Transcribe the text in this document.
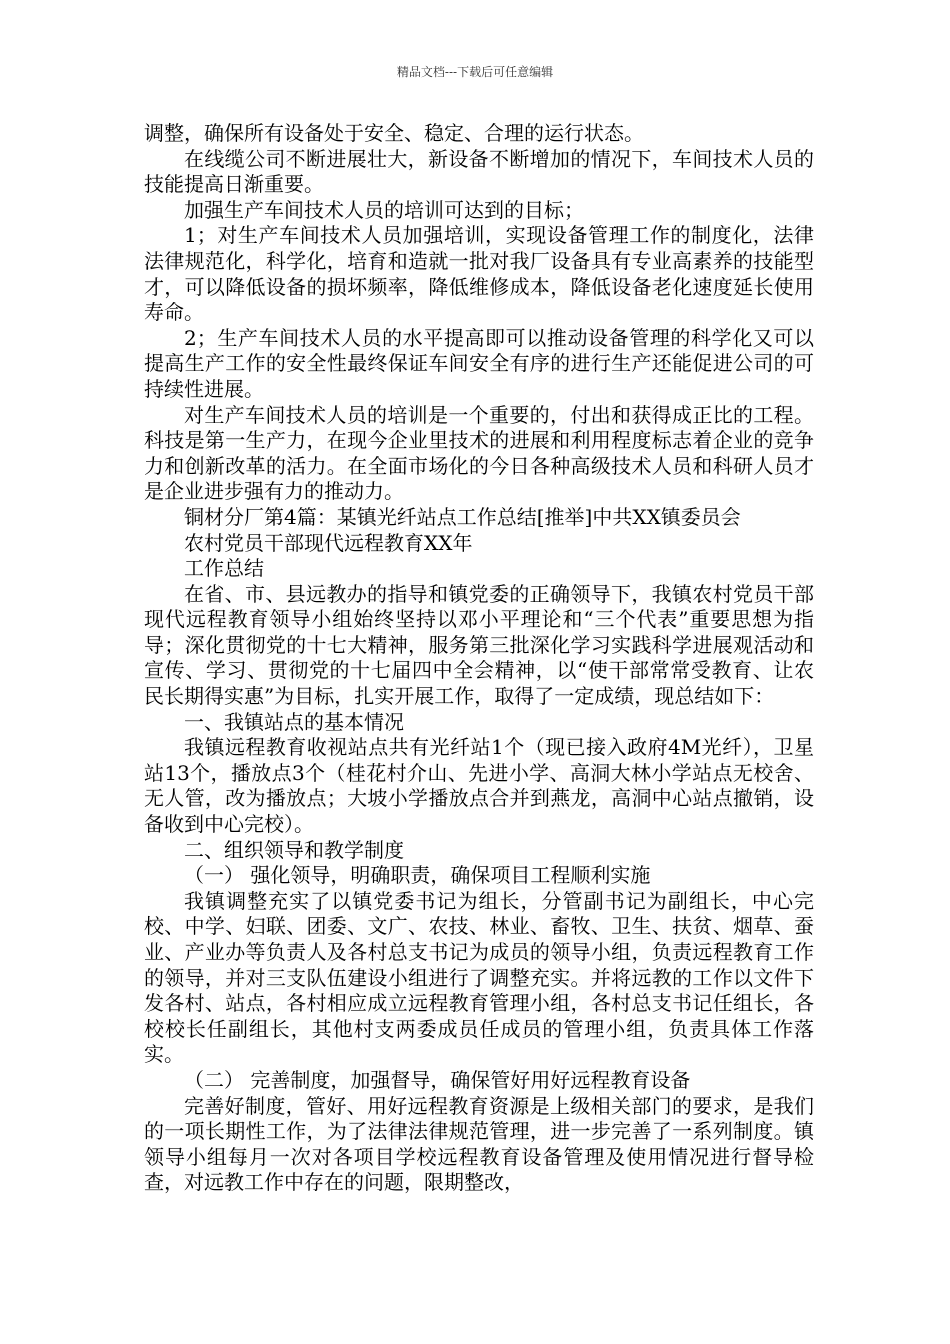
精品文档---下载后可任意编辑

调整，确保所有设备处于安全、稳定、合理的运行状态。

在线缆公司不断进展壮大，新设备不断增加的情况下，车间技术人员的技能提高日渐重要。

加强生产车间技术人员的培训可达到的目标；

1；对生产车间技术人员加强培训，实现设备管理工作的制度化，法律法律规范化，科学化，培育和造就一批对我厂设备具有专业高素养的技能型才，可以降低设备的损坏频率，降低维修成本，降低设备老化速度延长使用寿命。

2；生产车间技术人员的水平提高即可以推动设备管理的科学化又可以提高生产工作的安全性最终保证车间安全有序的进行生产还能促进公司的可持续性进展。

对生产车间技术人员的培训是一个重要的，付出和获得成正比的工程。科技是第一生产力，在现今企业里技术的进展和利用程度标志着企业的竞争力和创新改革的活力。在全面市场化的今日各种高级技术人员和科研人员才是企业进步强有力的推动力。

铜材分厂第4篇：某镇光纤站点工作总结[推举]中共XX镇委员会

农村党员干部现代远程教育XX年

工作总结

在省、市、县远教办的指导和镇党委的正确领导下，我镇农村党员干部现代远程教育领导小组始终坚持以邓小平理论和“三个代表”重要思想为指导；深化贯彻党的十七大精神，服务第三批深化学习实践科学进展观活动和宣传、学习、贯彻党的十七届四中全会精神，以“使干部常常受教育、让农民长期得实惠”为目标，扎实开展工作，取得了一定成绩，现总结如下：

一、我镇站点的基本情况

我镇远程教育收视站点共有光纤站1个（现已接入政府4M光纤），卫星站13个，播放点3个（桂花村介山、先进小学、高洞大林小学站点无校舍、无人管，改为播放点；大坡小学播放点合并到燕龙，高洞中心站点撤销，设备收到中心完校）。

二、组织领导和教学制度

（一） 强化领导，明确职责，确保项目工程顺利实施

我镇调整充实了以镇党委书记为组长，分管副书记为副组长，中心完校、中学、妇联、团委、文广、农技、林业、畜牧、卫生、扶贫、烟草、蚕业、产业办等负责人及各村总支书记为成员的领导小组，负责远程教育工作的领导，并对三支队伍建设小组进行了调整充实。并将远教的工作以文件下发各村、站点，各村相应成立远程教育管理小组，各村总支书记任组长，各校校长任副组长，其他村支两委成员任成员的管理小组，负责具体工作落实。

（二） 完善制度，加强督导，确保管好用好远程教育设备

完善好制度，管好、用好远程教育资源是上级相关部门的要求，是我们的一项长期性工作，为了法律法律规范管理，进一步完善了一系列制度。镇领导小组每月一次对各项目学校远程教育设备管理及使用情况进行督导检查，对远教工作中存在的问题，限期整改，
